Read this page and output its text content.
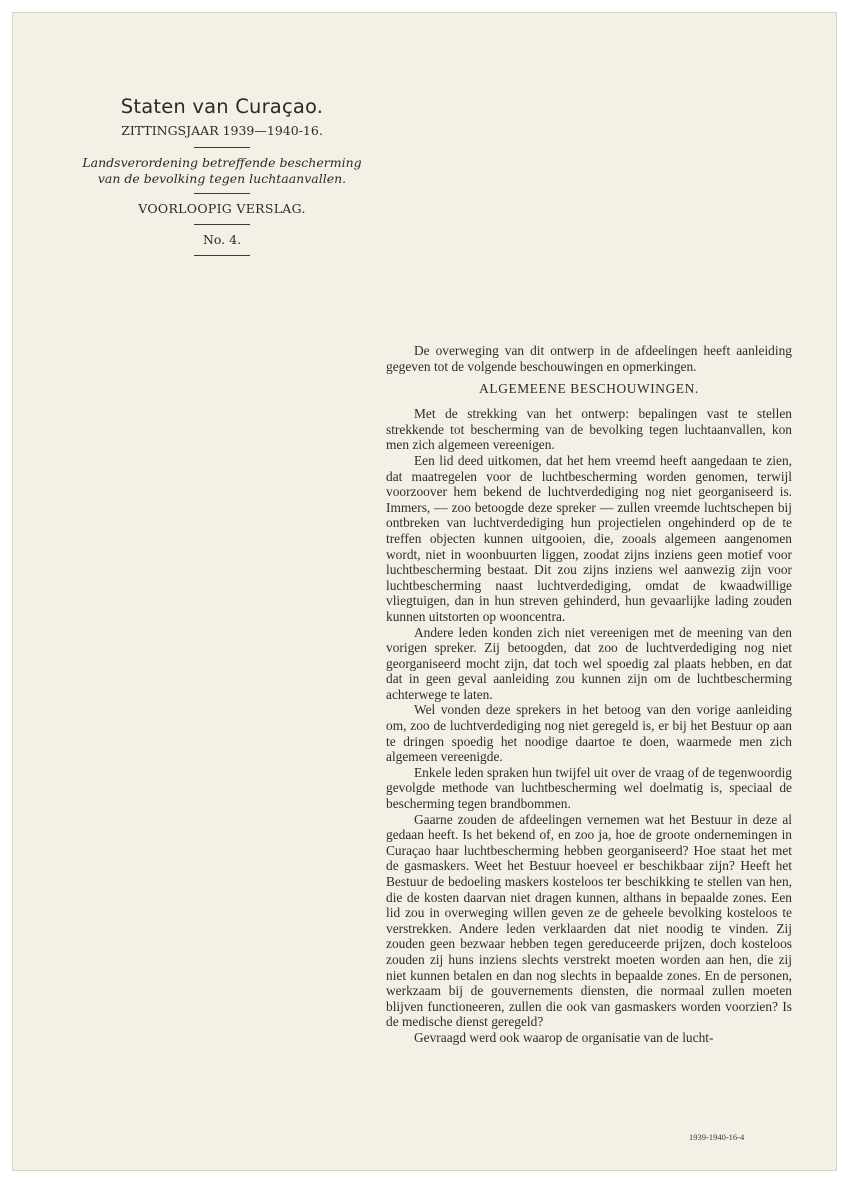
Staten van Curaçao.
ZITTINGSJAAR 1939—1940-16.
Landsverordening betreffende bescherming van de bevolking tegen luchtaanvallen.
VOORLOOPIG VERSLAG.
No. 4.

De overweging van dit ontwerp in de afdeelingen heeft aanleiding gegeven tot de volgende beschouwingen en opmerkingen.

ALGEMEENE BESCHOUWINGEN.

Met de strekking van het ontwerp: bepalingen vast te stellen strekkende tot bescherming van de bevolking tegen luchtaanvallen, kon men zich algemeen vereenigen.

Een lid deed uitkomen, dat het hem vreemd heeft aangedaan te zien, dat maatregelen voor de luchtbescherming worden genomen, terwijl voorzoover hem bekend de luchtverdediging nog niet georganiseerd is. Immers, — zoo betoogde deze spreker — zullen vreemde luchtschepen bij ontbreken van luchtverdediging hun projectielen ongehinderd op de te treffen objecten kunnen uitgooien, die, zooals algemeen aangenomen wordt, niet in woonbuurten liggen, zoodat zijns inziens geen motief voor luchtbescherming bestaat. Dit zou zijns inziens wel aanwezig zijn voor luchtbescherming naast luchtverdediging, omdat de kwaadwillige vliegtuigen, dan in hun streven gehinderd, hun gevaarlijke lading zouden kunnen uitstorten op wooncentra.

Andere leden konden zich niet vereenigen met de meening van den vorigen spreker. Zij betoogden, dat zoo de luchtverdediging nog niet georganiseerd mocht zijn, dat toch wel spoedig zal plaats hebben, en dat dat in geen geval aanleiding zou kunnen zijn om de luchtbescherming achterwege te laten.

Wel vonden deze sprekers in het betoog van den vorige aanleiding om, zoo de luchtverdediging nog niet geregeld is, er bij het Bestuur op aan te dringen spoedig het noodige daartoe te doen, waarmede men zich algemeen vereenigde.

Enkele leden spraken hun twijfel uit over de vraag of de tegenwoordig gevolgde methode van luchtbescherming wel doelmatig is, speciaal de bescherming tegen brandbommen.

Gaarne zouden de afdeelingen vernemen wat het Bestuur in deze al gedaan heeft. Is het bekend of, en zoo ja, hoe de groote ondernemingen in Curaçao haar luchtbescherming hebben georganiseerd? Hoe staat het met de gasmaskers. Weet het Bestuur hoeveel er beschikbaar zijn? Heeft het Bestuur de bedoeling maskers kosteloos ter beschikking te stellen van hen, die de kosten daarvan niet dragen kunnen, althans in bepaalde zones. Een lid zou in overweging willen geven ze de geheele bevolking kosteloos te verstrekken. Andere leden verklaarden dat niet noodig te vinden. Zij zouden geen bezwaar hebben tegen gereduceerde prijzen, doch kosteloos zouden zij huns inziens slechts verstrekt moeten worden aan hen, die zij niet kunnen betalen en dan nog slechts in bepaalde zones. En de personen, werkzaam bij de gouvernements diensten, die normaal zullen moeten blijven functioneeren, zullen die ook van gasmaskers worden voorzien? Is de medische dienst geregeld?

Gevraagd werd ook waarop de organisatie van de lucht-

1939-1940-16-4
